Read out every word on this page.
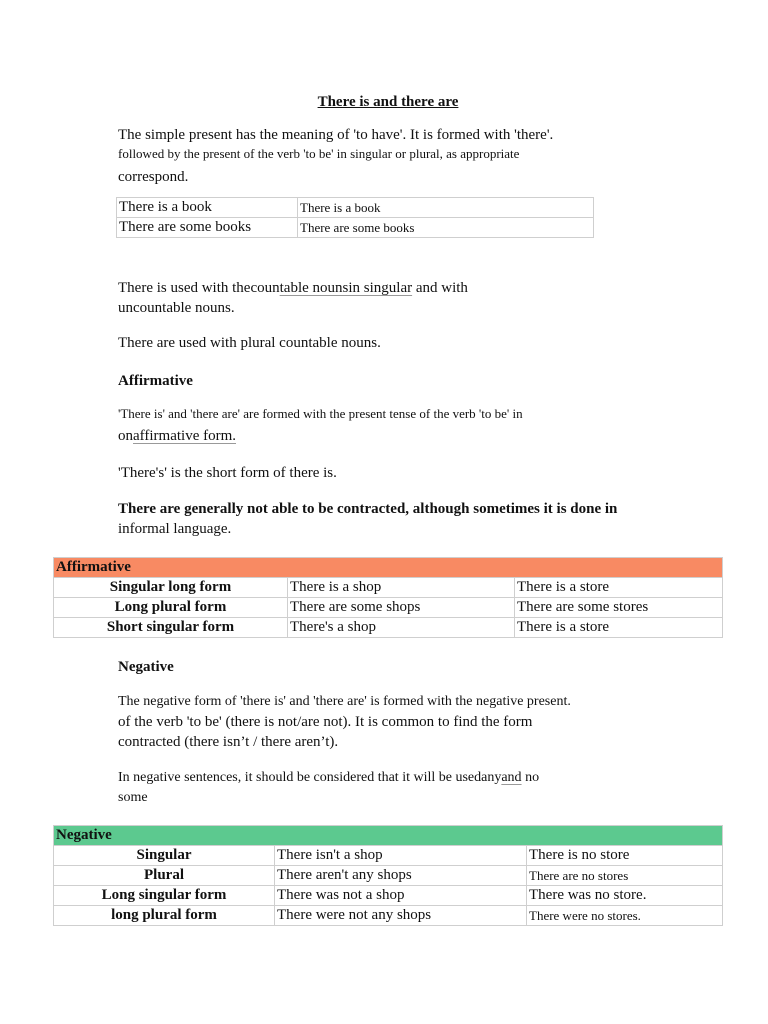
There is and there are
The simple present has the meaning of 'to have'. It is formed with 'there'.
followed by the present of the verb 'to be' in singular or plural, as appropriate
correspond.
There is a book	There is a book
There are some books	There are some books
There is used with thecountable nounsin singular and with
uncountable nouns.
There are used with plural countable nouns.
Affirmative
'There is' and 'there are' are formed with the present tense of the verb 'to be' in
onaffirmative form.
'There's' is the short form of there is.
There are generally not able to be contracted, although sometimes it is done in
informal language.
Affirmative		
Singular long form	There is a shop	There is a store
Long plural form	There are some shops	There are some stores
Short singular form	There's a shop	There is a store
Negative
The negative form of 'there is' and 'there are' is formed with the negative present.
of the verb 'to be' (there is not/are not). It is common to find the form
contracted (there isn’t / there aren’t).
In negative sentences, it should be considered that it will be usedanyand no
some
Negative		
Singular	There isn't a shop	There is no store
Plural	There aren't any shops	There are no stores
Long singular form	There was not a shop	There was no store.
long plural form	There were not any shops	There were no stores.
